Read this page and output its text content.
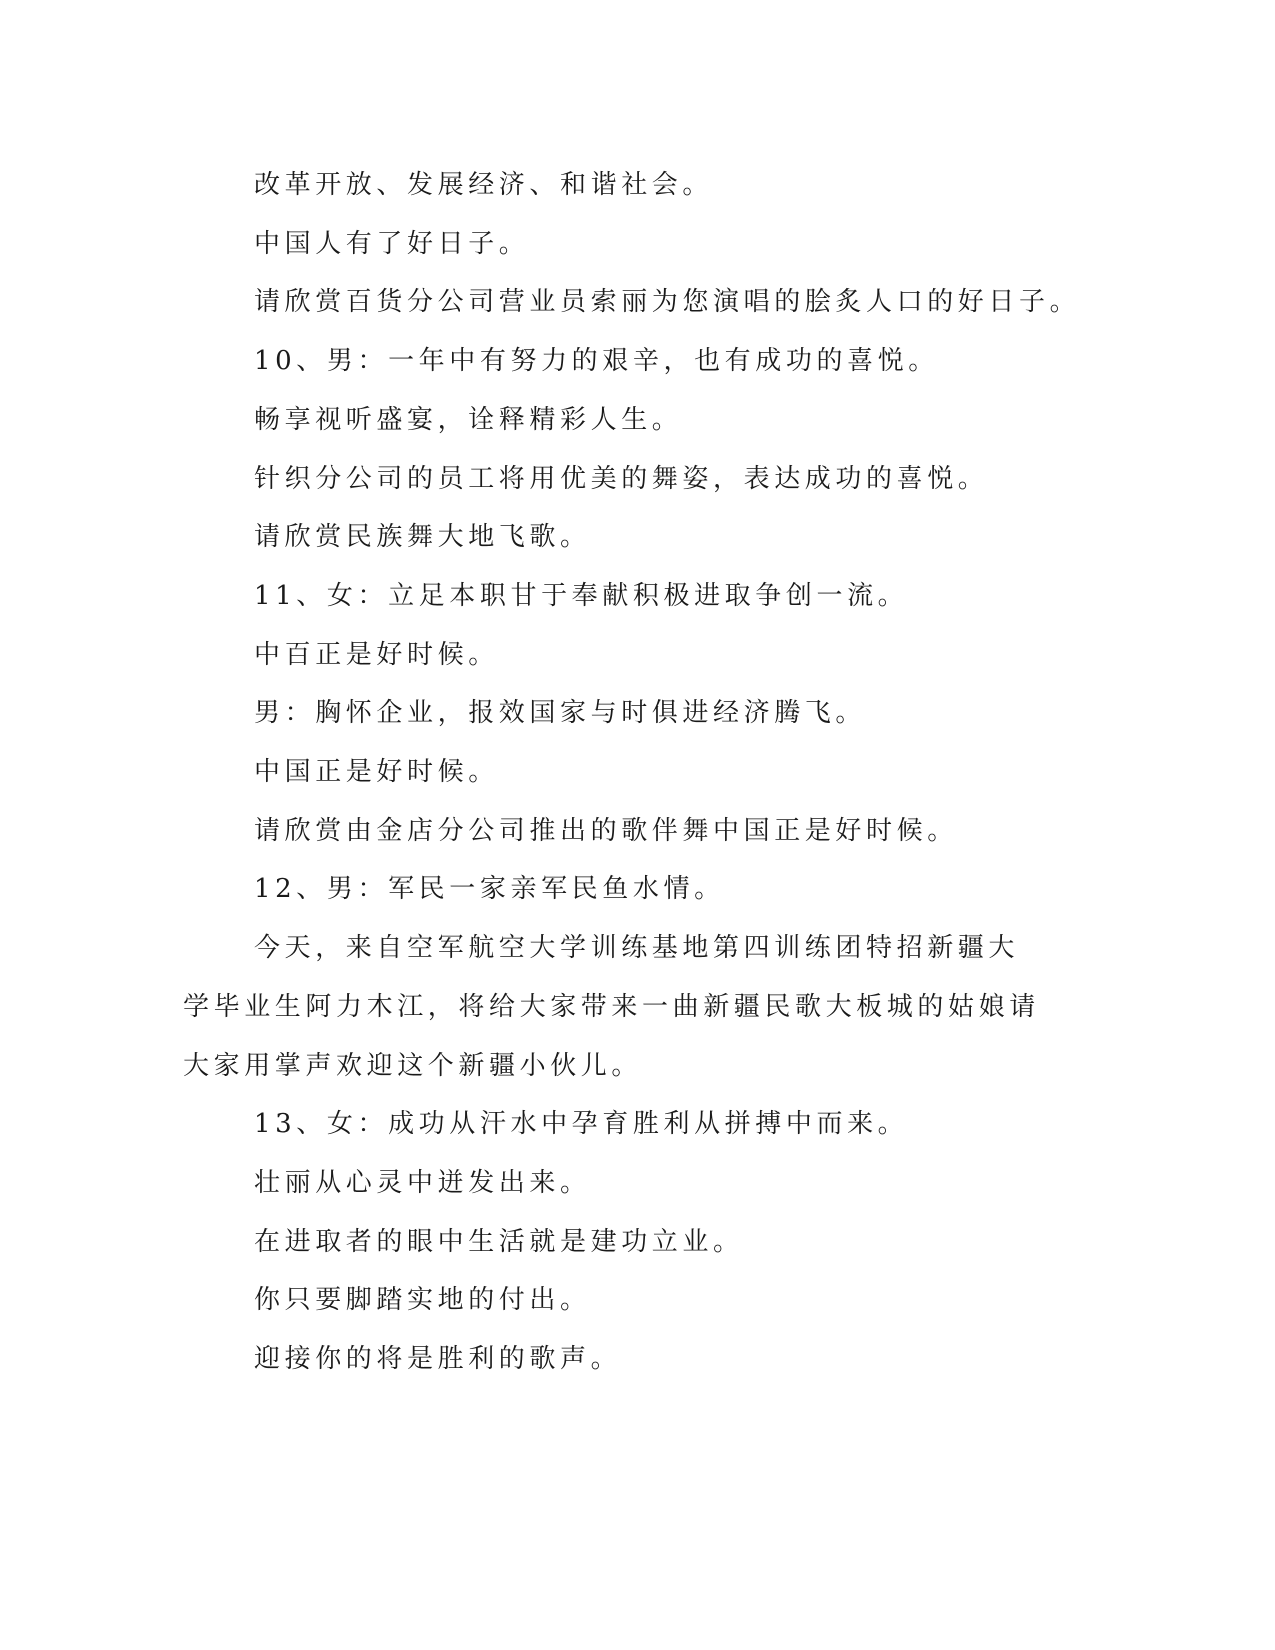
改革开放、发展经济、和谐社会。

中国人有了好日子。

请欣赏百货分公司营业员索丽为您演唱的脍炙人口的好日子。

10、男：一年中有努力的艰辛，也有成功的喜悦。

畅享视听盛宴，诠释精彩人生。

针织分公司的员工将用优美的舞姿，表达成功的喜悦。

请欣赏民族舞大地飞歌。

11、女：立足本职甘于奉献积极进取争创一流。

中百正是好时候。

男：胸怀企业，报效国家与时俱进经济腾飞。

中国正是好时候。

请欣赏由金店分公司推出的歌伴舞中国正是好时候。

12、男：军民一家亲军民鱼水情。

今天，来自空军航空大学训练基地第四训练团特招新疆大学毕业生阿力木江，将给大家带来一曲新疆民歌大板城的姑娘请大家用掌声欢迎这个新疆小伙儿。

13、女：成功从汗水中孕育胜利从拼搏中而来。

壮丽从心灵中迸发出来。

在进取者的眼中生活就是建功立业。

你只要脚踏实地的付出。

迎接你的将是胜利的歌声。
